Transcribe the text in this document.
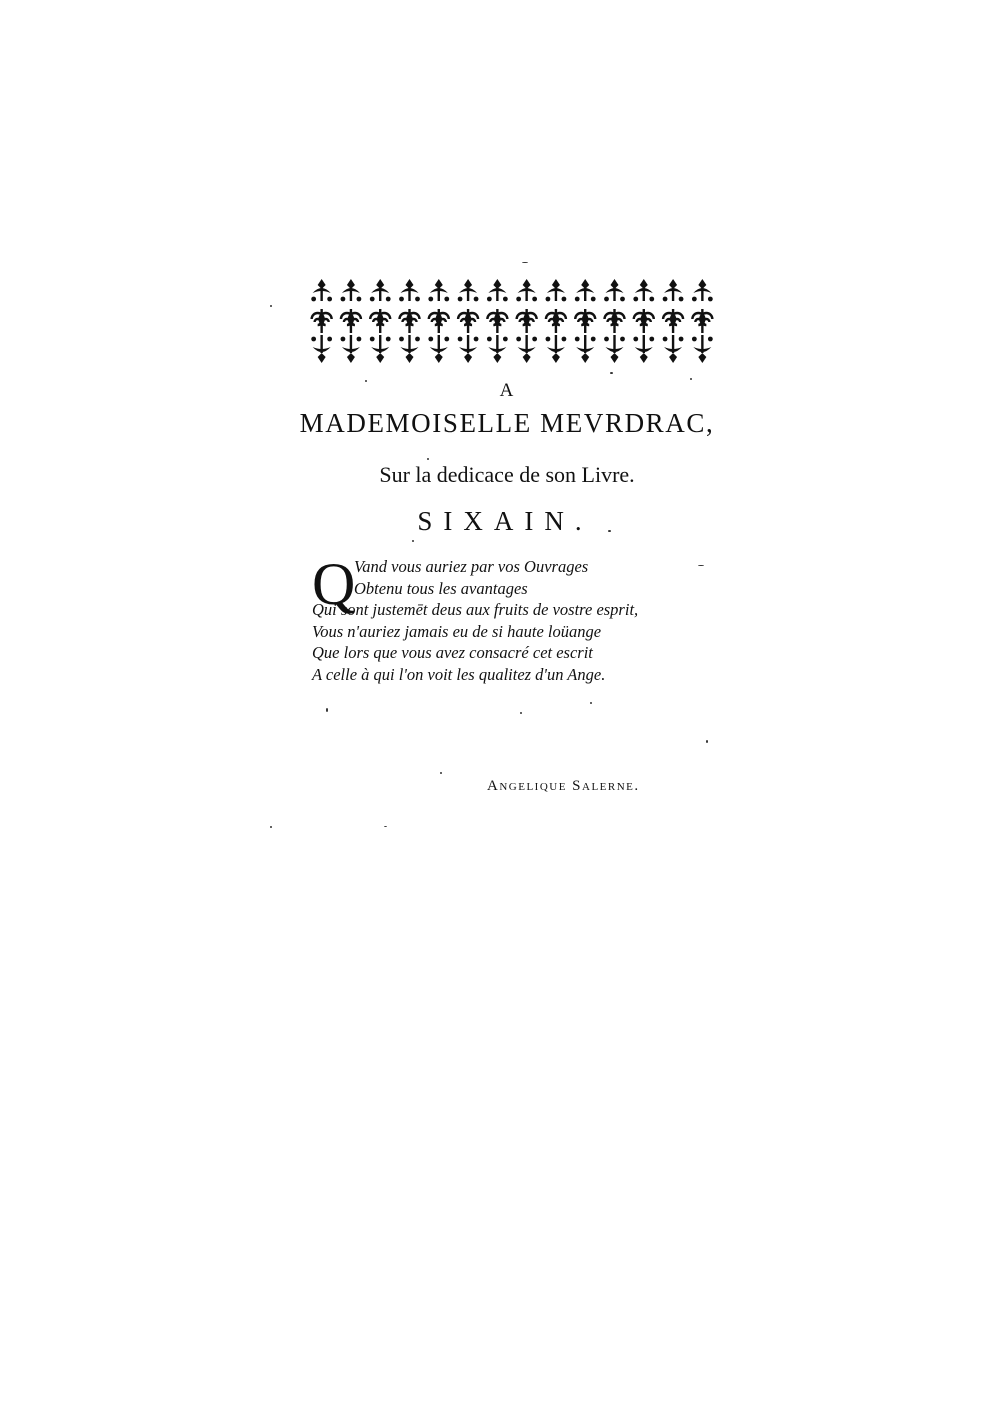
A
MADEMOISELLE MEVRDRAC,
Sur la dedicace de son Livre.
SIXAIN.
Q
Vand vous auriez par vos Ouvrages
Obtenu tous les avantages
Qui sont justemēt deus aux fruits de vostre esprit,
Vous n'auriez jamais eu de si haute loüange
Que lors que vous avez consacré cet escrit
A celle à qui l'on voit les qualitez d'un Ange.
Angelique Salerne.
